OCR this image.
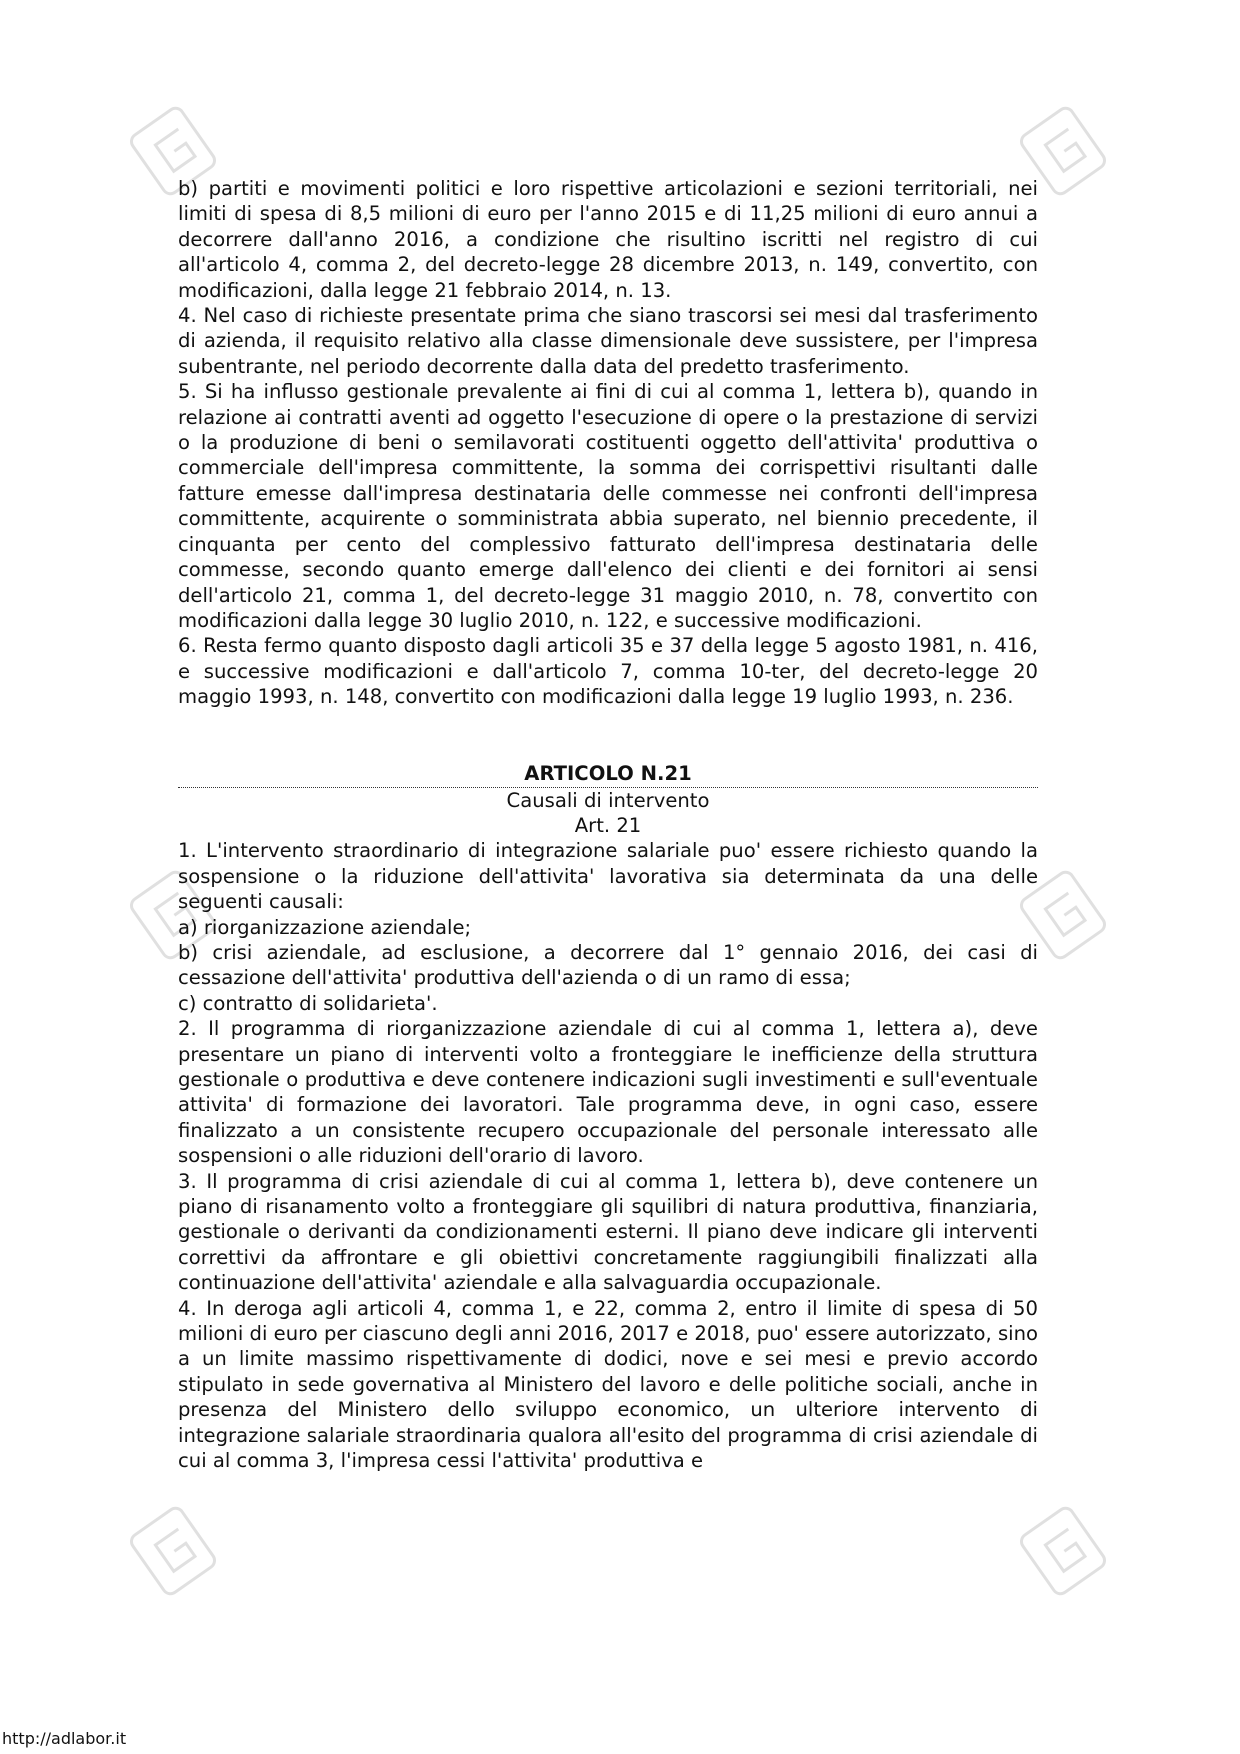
b) partiti e movimenti politici e loro rispettive articolazioni e sezioni territoriali, nei limiti di spesa di 8,5 milioni di euro per l'anno 2015 e di 11,25 milioni di euro annui a decorrere dall'anno 2016, a condizione che risultino iscritti nel registro di cui all'articolo 4, comma 2, del decreto-legge 28 dicembre 2013, n. 149, convertito, con modificazioni, dalla legge 21 febbraio 2014, n. 13.

4. Nel caso di richieste presentate prima che siano trascorsi sei mesi dal trasferimento di azienda, il requisito relativo alla classe dimensionale deve sussistere, per l'impresa subentrante, nel periodo decorrente dalla data del predetto trasferimento.

5. Si ha influsso gestionale prevalente ai fini di cui al comma 1, lettera b), quando in relazione ai contratti aventi ad oggetto l'esecuzione di opere o la prestazione di servizi o la produzione di beni o semilavorati costituenti oggetto dell'attivita' produttiva o commerciale dell'impresa committente, la somma dei corrispettivi risultanti dalle fatture emesse dall'impresa destinataria delle commesse nei confronti dell'impresa committente, acquirente o somministrata abbia superato, nel biennio precedente, il cinquanta per cento del complessivo fatturato dell'impresa destinataria delle commesse, secondo quanto emerge dall'elenco dei clienti e dei fornitori ai sensi dell'articolo 21, comma 1, del decreto-legge 31 maggio 2010, n. 78, convertito con modificazioni dalla legge 30 luglio 2010, n. 122, e successive modificazioni.

6. Resta fermo quanto disposto dagli articoli 35 e 37 della legge 5 agosto 1981, n. 416, e successive modificazioni e dall'articolo 7, comma 10-ter, del decreto-legge 20 maggio 1993, n. 148, convertito con modificazioni dalla legge 19 luglio 1993, n. 236.

ARTICOLO N.21
Causali di intervento
Art. 21

1. L'intervento straordinario di integrazione salariale puo' essere richiesto quando la sospensione o la riduzione dell'attivita' lavorativa sia determinata da una delle seguenti causali:

a) riorganizzazione aziendale;

b) crisi aziendale, ad esclusione, a decorrere dal 1° gennaio 2016, dei casi di cessazione dell'attivita' produttiva dell'azienda o di un ramo di essa;

c) contratto di solidarieta'.

2. Il programma di riorganizzazione aziendale di cui al comma 1, lettera a), deve presentare un piano di interventi volto a fronteggiare le inefficienze della struttura gestionale o produttiva e deve contenere indicazioni sugli investimenti e sull'eventuale attivita' di formazione dei lavoratori. Tale programma deve, in ogni caso, essere finalizzato a un consistente recupero occupazionale del personale interessato alle sospensioni o alle riduzioni dell'orario di lavoro.

3. Il programma di crisi aziendale di cui al comma 1, lettera b), deve contenere un piano di risanamento volto a fronteggiare gli squilibri di natura produttiva, finanziaria, gestionale o derivanti da condizionamenti esterni. Il piano deve indicare gli interventi correttivi da affrontare e gli obiettivi concretamente raggiungibili finalizzati alla continuazione dell'attivita' aziendale e alla salvaguardia occupazionale.

4. In deroga agli articoli 4, comma 1, e 22, comma 2, entro il limite di spesa di 50 milioni di euro per ciascuno degli anni 2016, 2017 e 2018, puo' essere autorizzato, sino a un limite massimo rispettivamente di dodici, nove e sei mesi e previo accordo stipulato in sede governativa al Ministero del lavoro e delle politiche sociali, anche in presenza del Ministero dello sviluppo economico, un ulteriore intervento di integrazione salariale straordinaria qualora all'esito del programma di crisi aziendale di cui al comma 3, l'impresa cessi l'attivita' produttiva e

http://adlabor.it
